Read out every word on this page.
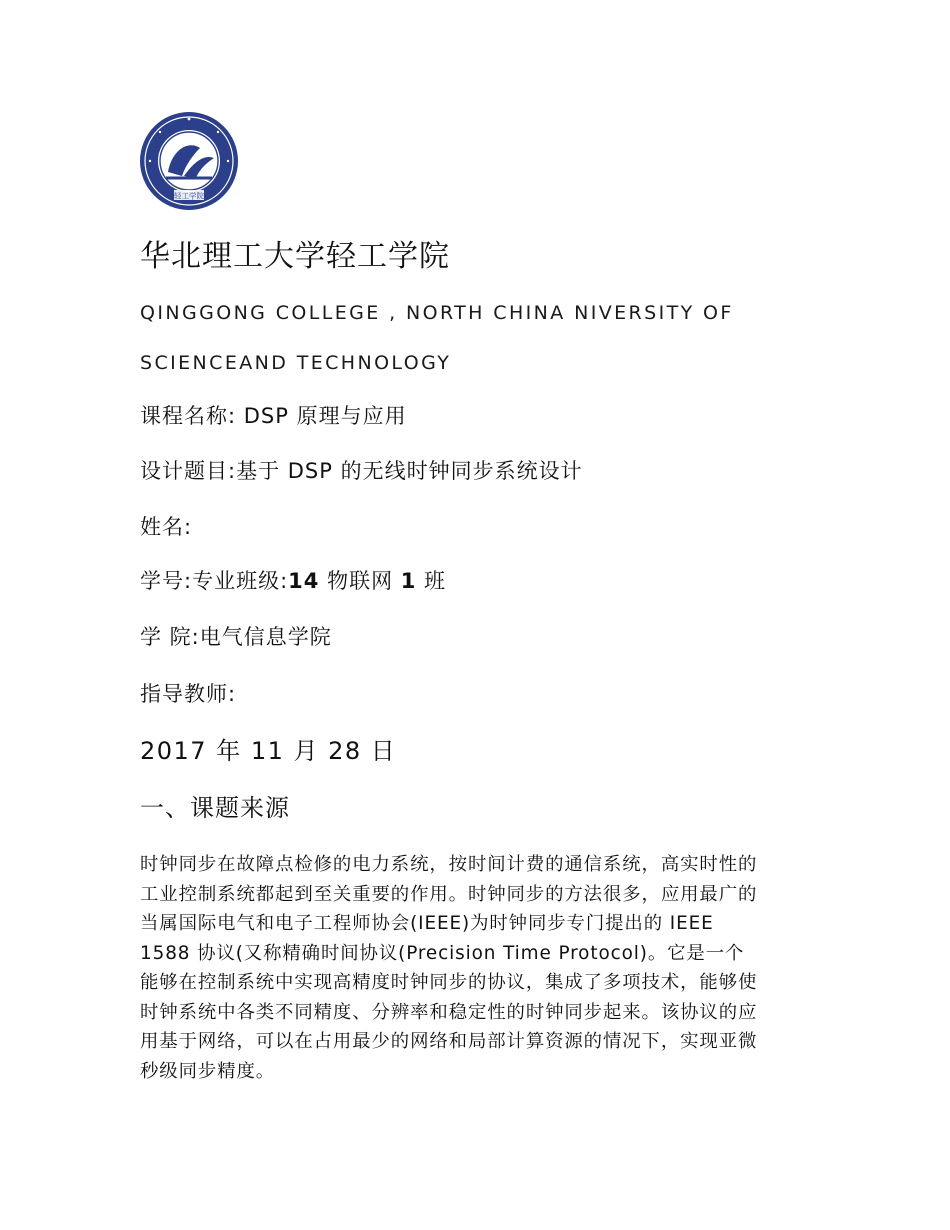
轻工学院
华北理工大学轻工学院
QINGGONG COLLEGE , NORTH CHINA NIVERSITY OF
SCIENCEAND TECHNOLOGY
课程名称: DSP 原理与应用
设计题目:基于 DSP 的无线时钟同步系统设计
姓名:
学号:专业班级:14 物联网 1 班
学 院:电气信息学院
指导教师:
2017 年 11 月 28 日
一、课题来源
时钟同步在故障点检修的电力系统，按时间计费的通信系统，高实时性的
工业控制系统都起到至关重要的作用。时钟同步的方法很多，应用最广的
当属国际电气和电子工程师协会(IEEE)为时钟同步专门提出的 IEEE
1588 协议(又称精确时间协议(Precision Time Protocol)。它是一个
能够在控制系统中实现高精度时钟同步的协议，集成了多项技术，能够使
时钟系统中各类不同精度、分辨率和稳定性的时钟同步起来。该协议的应
用基于网络，可以在占用最少的网络和局部计算资源的情况下，实现亚微
秒级同步精度。
